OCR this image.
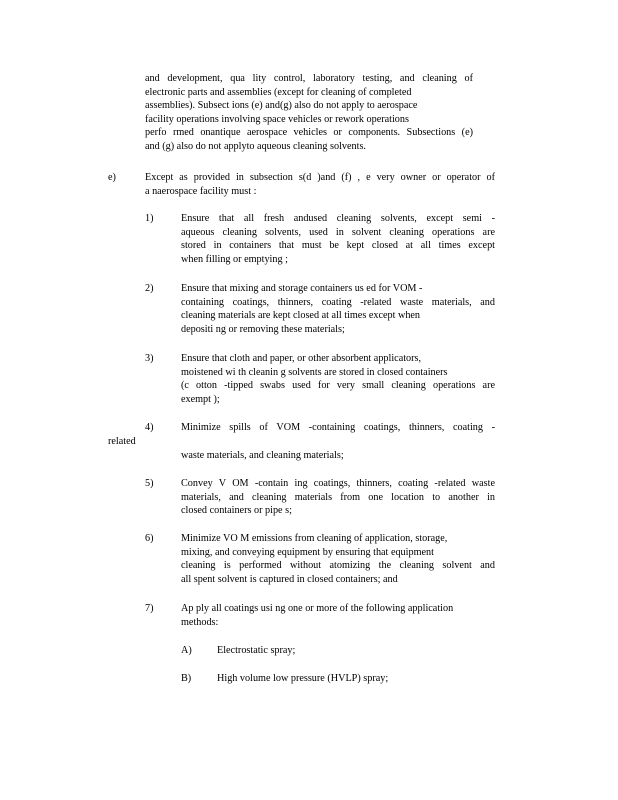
and development, qua lity control, laboratory testing, and cleaning of
electronic parts and assemblies (except for cleaning of completed
assemblies). Subsect ions (e) and(g) also do not apply to aerospace
facility operations involving space vehicles or rework operations
perfo rmed onantique aerospace vehicles or components. Subsections (e)
and (g) also do not applyto aqueous cleaning solvents.
e)	Except as provided in subsection s(d )and (f) , e very owner or operator of
a naerospace facility must :
1)	Ensure that all fresh andused cleaning solvents, except semi -
aqueous cleaning solvents, used in solvent cleaning operations are
stored in containers that must be kept closed at all times except
when filling or emptying ;
2)	Ensure that mixing and storage containers us ed for VOM -
containing coatings, thinners, coating -related waste materials, and
cleaning materials are kept closed at all times except when
depositi ng or removing these materials;
3)	Ensure that cloth and paper, or other absorbent applicators,
moistened wi th cleanin g solvents are stored in closed containers
(c otton -tipped swabs used for very small cleaning operations are
exempt );
4)	Minimize spills of VOM -containing coatings, thinners, coating -
related
waste materials, and cleaning materials;
5)	Convey V OM -contain ing coatings, thinners, coating -related waste
materials, and cleaning materials from one location to another in
closed containers or pipe s;
6)	Minimize VO M emissions from cleaning of application, storage,
mixing, and conveying equipment by ensuring that equipment
cleaning is performed without atomizing the cleaning solvent and
all spent solvent is captured in closed containers; and
7)	Ap ply all coatings usi ng one or more of the following application
methods:
A) Electrostatic spray;
B)	High volume low pressure (HVLP) spray;
